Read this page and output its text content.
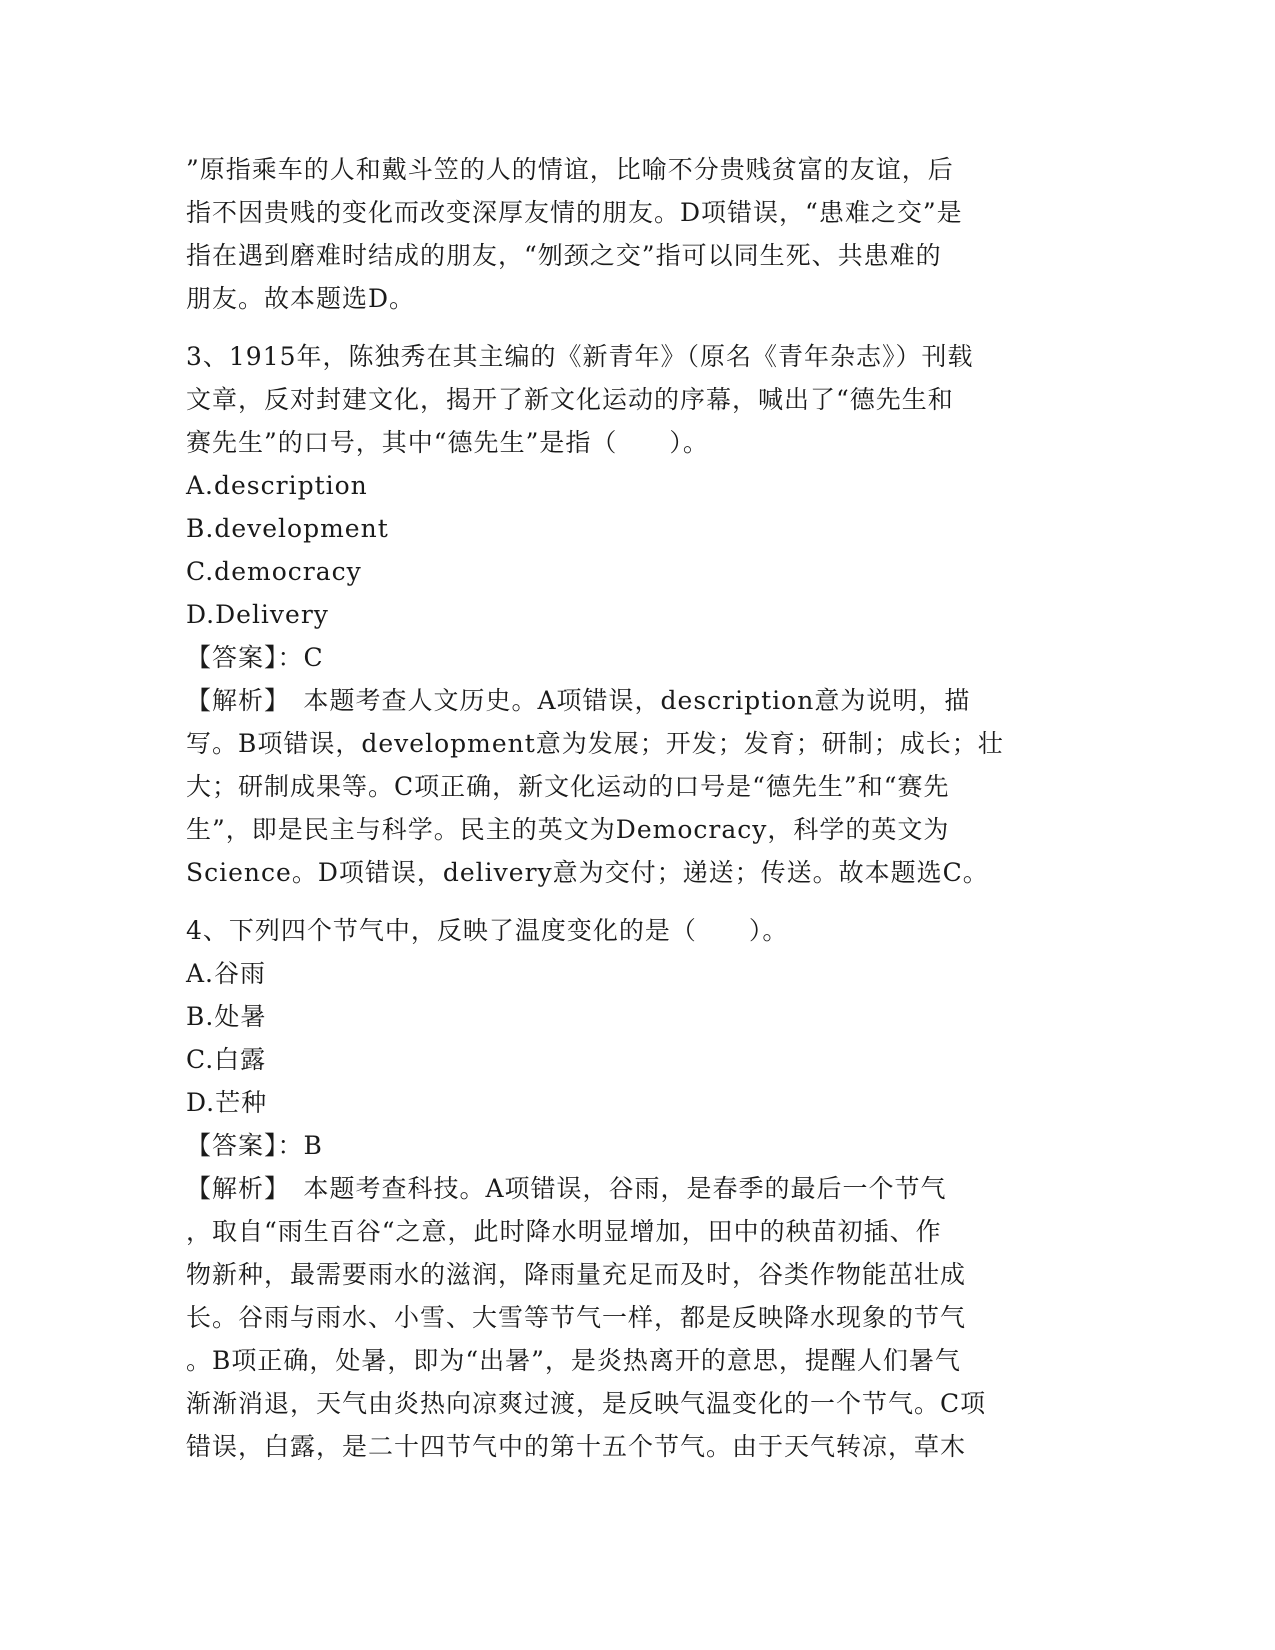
”原指乘车的人和戴斗笠的人的情谊，比喻不分贵贱贫富的友谊，后

指不因贵贱的变化而改变深厚友情的朋友。D项错误，“患难之交”是

指在遇到磨难时结成的朋友，“刎颈之交”指可以同生死、共患难的

朋友。故本题选D。

3、1915年，陈独秀在其主编的《新青年》（原名《青年杂志》）刊载

文章，反对封建文化，揭开了新文化运动的序幕，喊出了“德先生和

赛先生”的口号，其中“德先生”是指（　　）。

A.description

B.development

C.democracy

D.Delivery

【答案】：C

【解析】　本题考查人文历史。A项错误，description意为说明，描

写。B项错误，development意为发展；开发；发育；研制；成长；壮

大；研制成果等。C项正确，新文化运动的口号是“德先生”和“赛先

生”，即是民主与科学。民主的英文为Democracy，科学的英文为

Science。D项错误，delivery意为交付；递送；传送。故本题选C。

4、下列四个节气中，反映了温度变化的是（　　）。

A.谷雨

B.处暑

C.白露

D.芒种

【答案】：B

【解析】　本题考查科技。A项错误，谷雨，是春季的最后一个节气

，取自“雨生百谷“之意，此时降水明显增加，田中的秧苗初插、作

物新种，最需要雨水的滋润，降雨量充足而及时，谷类作物能茁壮成

长。谷雨与雨水、小雪、大雪等节气一样，都是反映降水现象的节气

。B项正确，处暑，即为“出暑”，是炎热离开的意思，提醒人们暑气

渐渐消退，天气由炎热向凉爽过渡，是反映气温变化的一个节气。C项

错误，白露，是二十四节气中的第十五个节气。由于天气转凉，草木
